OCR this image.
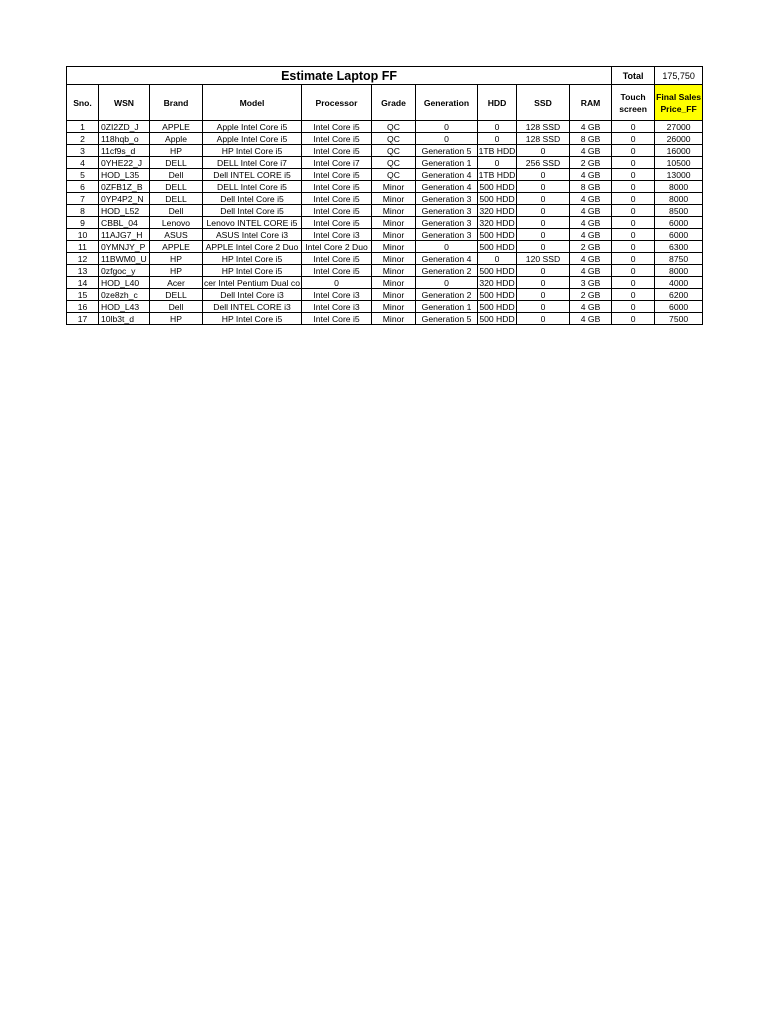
Estimate Laptop FF										Total	175,750
Sno.	WSN	Brand	Model	Processor	Grade	Generation	HDD	SSD	RAM	Touch screen	Final Sales Price_FF
1	0ZI2ZD_J	APPLE	Apple Intel Core i5	Intel Core i5	QC	0	0	128 SSD	4 GB	0	27000
2	118hqb_o	Apple	Apple Intel Core i5	Intel Core i5	QC	0	0	128 SSD	8 GB	0	26000
3	11cf9s_d	HP	HP Intel Core i5	Intel Core i5	QC	Generation 5	1TB HDD	0	4 GB	0	16000
4	0YHE22_J	DELL	DELL Intel Core i7	Intel Core i7	QC	Generation 1	0	256 SSD	2 GB	0	10500
5	HOD_L35	Dell	Dell INTEL CORE i5	Intel Core i5	QC	Generation 4	1TB HDD	0	4 GB	0	13000
6	0ZFB1Z_B	DELL	DELL Intel Core i5	Intel Core i5	Minor	Generation 4	500 HDD	0	8 GB	0	8000
7	0YP4P2_N	DELL	Dell Intel Core i5	Intel Core i5	Minor	Generation 3	500 HDD	0	4 GB	0	8000
8	HOD_L52	Dell	Dell Intel Core i5	Intel Core i5	Minor	Generation 3	320 HDD	0	4 GB	0	8500
9	CBBL_04	Lenovo	Lenovo INTEL CORE i5	Intel Core i5	Minor	Generation 3	320 HDD	0	4 GB	0	6000
10	11AJG7_H	ASUS	ASUS Intel Core i3	Intel Core i3	Minor	Generation 3	500 HDD	0	4 GB	0	6000
11	0YMNJY_P	APPLE	APPLE Intel Core 2 Duo	Intel Core 2 Duo	Minor	0	500 HDD	0	2 GB	0	6300
12	11BWM0_U	HP	HP Intel Core i5	Intel Core i5	Minor	Generation 4	0	120 SSD	4 GB	0	8750
13	0zfgoc_y	HP	HP Intel Core i5	Intel Core i5	Minor	Generation 2	500 HDD	0	4 GB	0	8000
14	HOD_L40	Acer	cer Intel Pentium Dual co	0	Minor	0	320 HDD	0	3 GB	0	4000
15	0ze8zh_c	DELL	Dell Intel Core i3	Intel Core i3	Minor	Generation 2	500 HDD	0	2 GB	0	6200
16	HOD_L43	Dell	Dell INTEL CORE i3	Intel Core i3	Minor	Generation 1	500 HDD	0	4 GB	0	6000
17	10lb3t_d	HP	HP Intel Core i5	Intel Core i5	Minor	Generation 5	500 HDD	0	4 GB	0	7500
